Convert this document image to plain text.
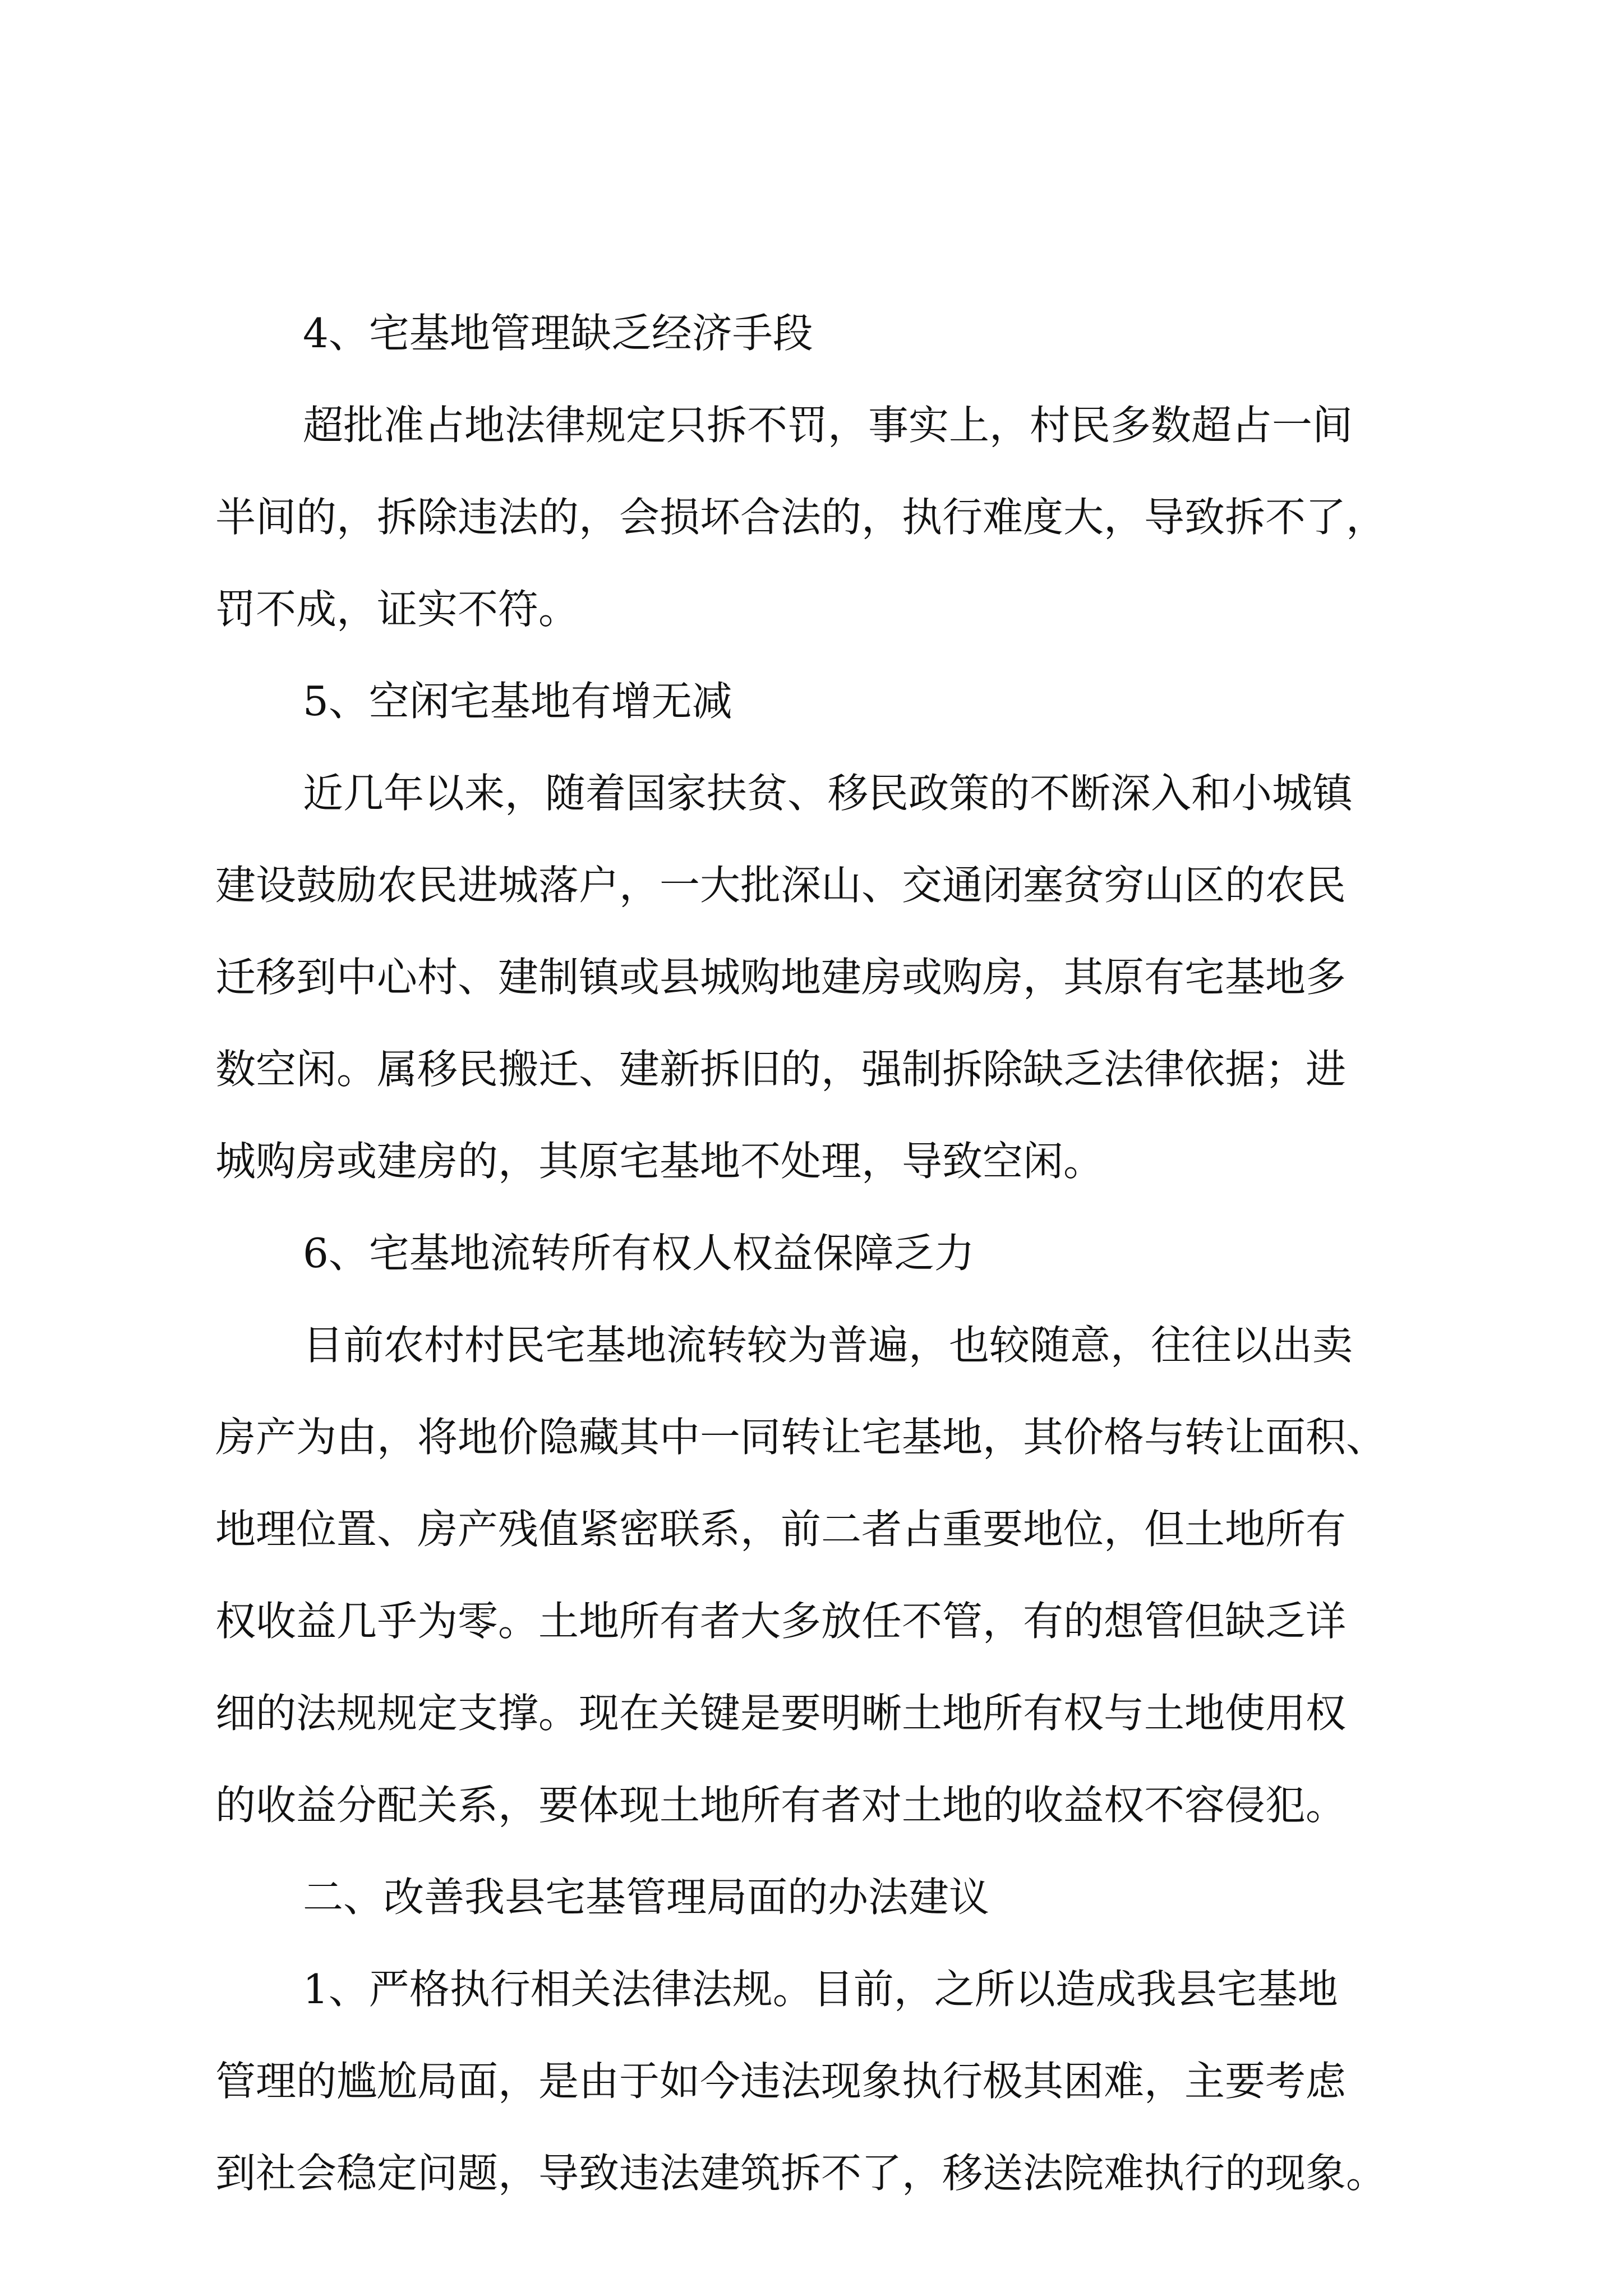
4、宅基地管理缺乏经济手段
超批准占地法律规定只拆不罚，事实上，村民多数超占一间
半间的，拆除违法的，会损坏合法的，执行难度大，导致拆不了，
罚不成，证实不符。
5、空闲宅基地有增无减
近几年以来，随着国家扶贫、移民政策的不断深入和小城镇
建设鼓励农民进城落户，一大批深山、交通闭塞贫穷山区的农民
迁移到中心村、建制镇或县城购地建房或购房，其原有宅基地多
数空闲。属移民搬迁、建新拆旧的，强制拆除缺乏法律依据；进
城购房或建房的，其原宅基地不处理，导致空闲。
6、宅基地流转所有权人权益保障乏力
目前农村村民宅基地流转较为普遍，也较随意，往往以出卖
房产为由，将地价隐藏其中一同转让宅基地，其价格与转让面积、
地理位置、房产残值紧密联系，前二者占重要地位，但土地所有
权收益几乎为零。土地所有者大多放任不管，有的想管但缺乏详
细的法规规定支撑。现在关键是要明晰土地所有权与土地使用权
的收益分配关系，要体现土地所有者对土地的收益权不容侵犯。
二、改善我县宅基管理局面的办法建议
1、严格执行相关法律法规。目前，之所以造成我县宅基地
管理的尴尬局面，是由于如今违法现象执行极其困难，主要考虑
到社会稳定问题，导致违法建筑拆不了，移送法院难执行的现象。
